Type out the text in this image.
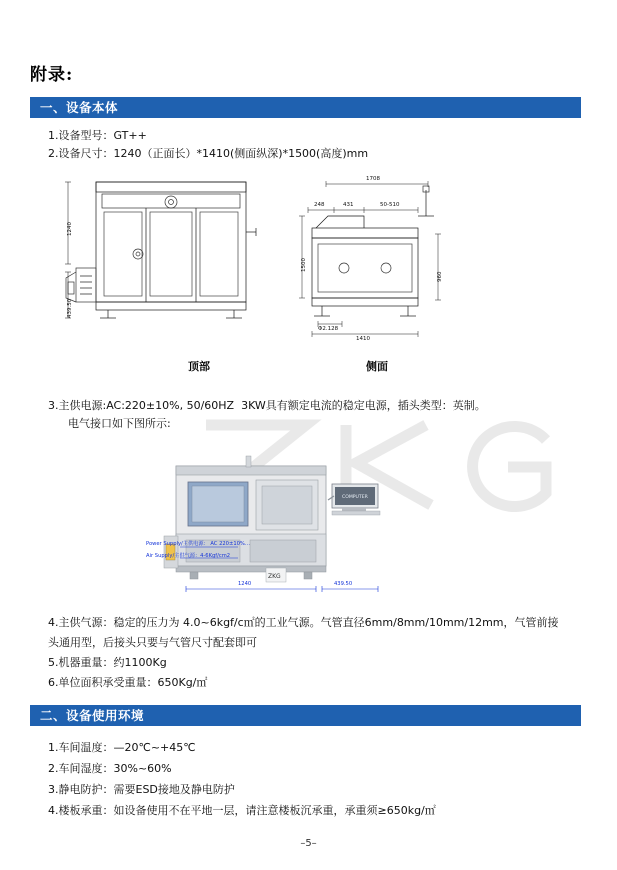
附录:
一、设备本体
1.设备型号：GT++
2.设备尺寸：1240（正面长）*1410(侧面纵深)*1500(高度)mm
1240
439.50
1708
248	431	50-510
1500
960
Φ2.128
1410
顶部	侧面
3.主供电源:AC:220±10%, 50/60HZ  3KW具有额定电流的稳定电源，插头类型：英制。
电气接口如下图所示:
ZKG
COMPUTER
Power Supply/主供电源： AC 220±10%…
Air Supply/主供气源：4-6Kgf/cm2
1240	439.50
4.主供气源：稳定的压力为 4.0~6kgf/c㎡的工业气源。气管直径6mm/8mm/10mm/12mm，气管前接
头通用型，后接头只要与气管尺寸配套即可
5.机器重量：约1100Kg
6.单位面积承受重量：650Kg/㎡
二、设备使用环境
1.车间温度：—20℃~+45℃
2.车间湿度：30%~60%
3.静电防护：需要ESD接地及静电防护
4.楼板承重：如设备使用不在平地一层，请注意楼板沉承重，承重须≥650kg/㎡
–5–
